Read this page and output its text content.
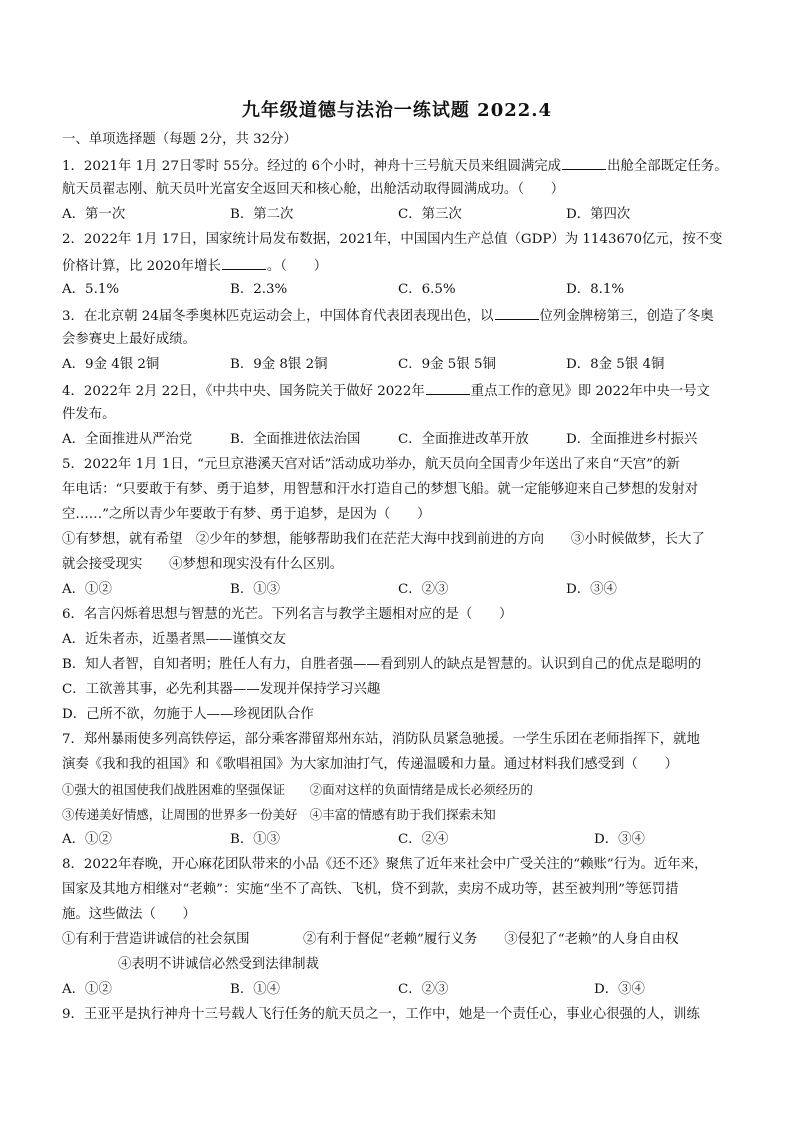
九年级道德与法治一练试题 2022.4
一、单项选择题（每题 2分，共 32分）
1．2021年 1月 27日零时 55分。经过的 6个小时，神舟十三号航天员来组圆满完成	出舱全部既定任务。
航天员翟志刚、航天员叶光富安全返回天和核心舱，出舱活动取得圆满成功。（　　）
A．第一次	B．第二次	C．第三次	D．第四次
2．2022年 1月 17日，国家统计局发布数据，2021年，中国国内生产总值（GDP）为 1143670亿元，按不变
价格计算，比 2020年增长	。（　　）
A．5.1%	B．2.3%	C．6.5%	D．8.1%
3．在北京朝 24届冬季奥林匹克运动会上，中国体育代表团表现出色，以	位列金牌榜第三，创造了冬奥
会参赛史上最好成绩。
A．9金 4银 2铜	B．9金 8银 2铜	C．9金 5银 5铜	D．8金 5银 4铜
4．2022年 2月 22日，《中共中央、国务院关于做好 2022年	重点工作的意见》即 2022年中央一号文
件发布。
A．全面推进从严治党	B．全面推进依法治国	C．全面推进改革开放	D．全面推进乡村振兴
5．2022年 1月 1日，“元旦京港溪天宫对话”活动成功举办，航天员向全国青少年送出了来自“天宫”的新
年电话：“只要敢于有梦、勇于追梦，用智慧和汗水打造自己的梦想飞船。就一定能够迎来自己梦想的发射对
空……”之所以青少年要敢于有梦、勇于追梦，是因为（　　）
①有梦想，就有希望　②少年的梦想，能够帮助我们在茫茫大海中找到前进的方向　　③小时候做梦，长大了
就会接受现实　　④梦想和现实没有什么区别。
A．①②	B．①③	C．②③	D．③④
6．名言闪烁着思想与智慧的光芒。下列名言与教学主题相对应的是（　　）
A．近朱者赤，近墨者黑——谨慎交友
B．知人者智，自知者明；胜任人有力，自胜者强——看到别人的缺点是智慧的。认识到自己的优点是聪明的
C．工欲善其事，必先利其器——发现并保持学习兴趣
D．己所不欲，勿施于人——珍视团队合作
7．郑州暴雨使多列高铁停运，部分乘客滞留郑州东站，消防队员紧急驰援。一学生乐团在老师指挥下，就地
演奏《我和我的祖国》和《歌唱祖国》为大家加油打气，传递温暖和力量。通过材料我们感受到（　　）
①强大的祖国使我们战胜困难的坚强保证　　②面对这样的负面情绪是成长必须经历的
③传递美好情感，让周围的世界多一份美好　④丰富的情感有助于我们探索未知
A．①②	B．①③	C．②④	D．③④
8．2022年春晚，开心麻花团队带来的小品《还不还》聚焦了近年来社会中广受关注的“赖账”行为。近年来，
国家及其地方相继对“老赖”：实施“坐不了高铁、飞机，贷不到款，卖房不成功等，甚至被判刑”等惩罚措
施。这些做法（　　）
①有利于营造讲诚信的社会氛围　　　　②有利于督促“老赖”履行义务　　③侵犯了“老赖”的人身自由权
④表明不讲诚信必然受到法律制裁
A．①②	B．①④	C．②③	D．③④
9．王亚平是执行神舟十三号载人飞行任务的航天员之一，工作中，她是一个责任心，事业心很强的人，训练
